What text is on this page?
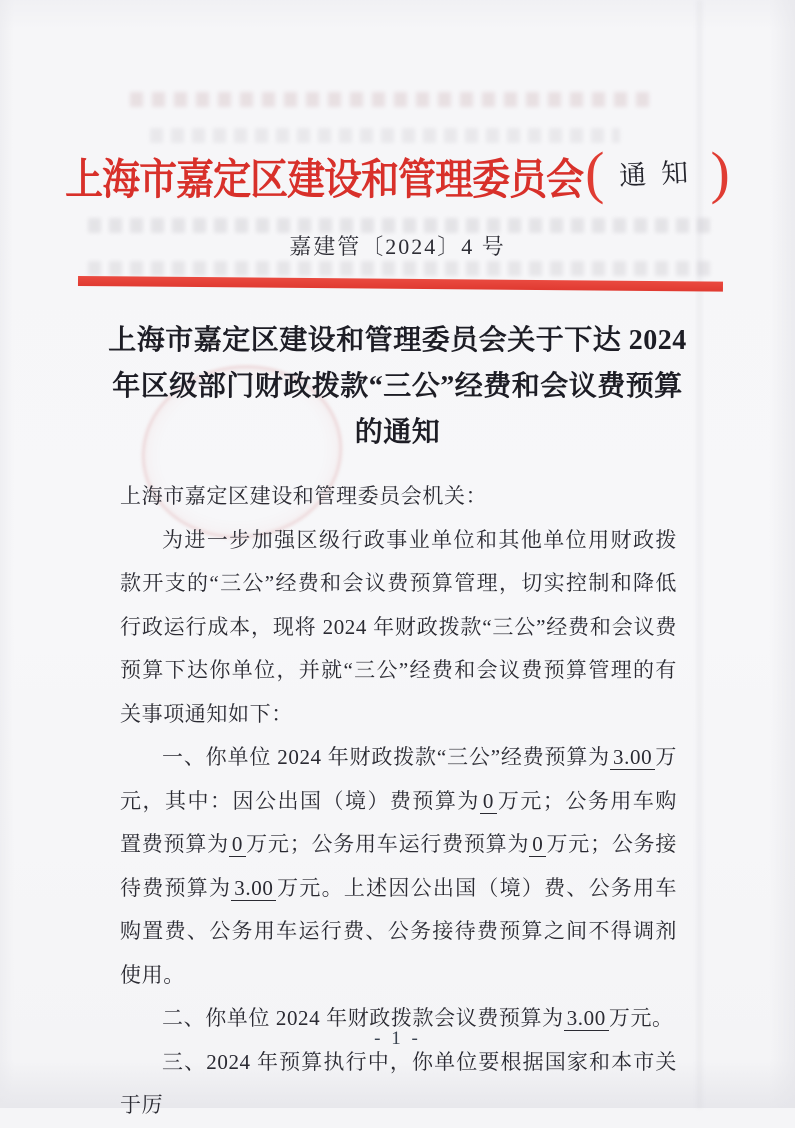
上海市嘉定区建设和管理委员会 ( 通知 )
嘉建管〔2024〕4 号
上海市嘉定区建设和管理委员会关于下达 2024
年区级部门财政拨款“三公”经费和会议费预算
的通知

上海市嘉定区建设和管理委员会机关：

为进一步加强区级行政事业单位和其他单位用财政拨款开支的“三公”经费和会议费预算管理，切实控制和降低行政运行成本，现将 2024 年财政拨款“三公”经费和会议费预算下达你单位，并就“三公”经费和会议费预算管理的有关事项通知如下：

一、你单位 2024 年财政拨款“三公”经费预算为 3.00 万元，其中：因公出国（境）费预算为 0 万元；公务用车购置费预算为 0 万元；公务用车运行费预算为 0 万元；公务接待费预算为 3.00 万元。上述因公出国（境）费、公务用车购置费、公务用车运行费、公务接待费预算之间不得调剂使用。

二、你单位 2024 年财政拨款会议费预算为 3.00 万元。

三、2024 年预算执行中，你单位要根据国家和本市关于厉

- 1 -
